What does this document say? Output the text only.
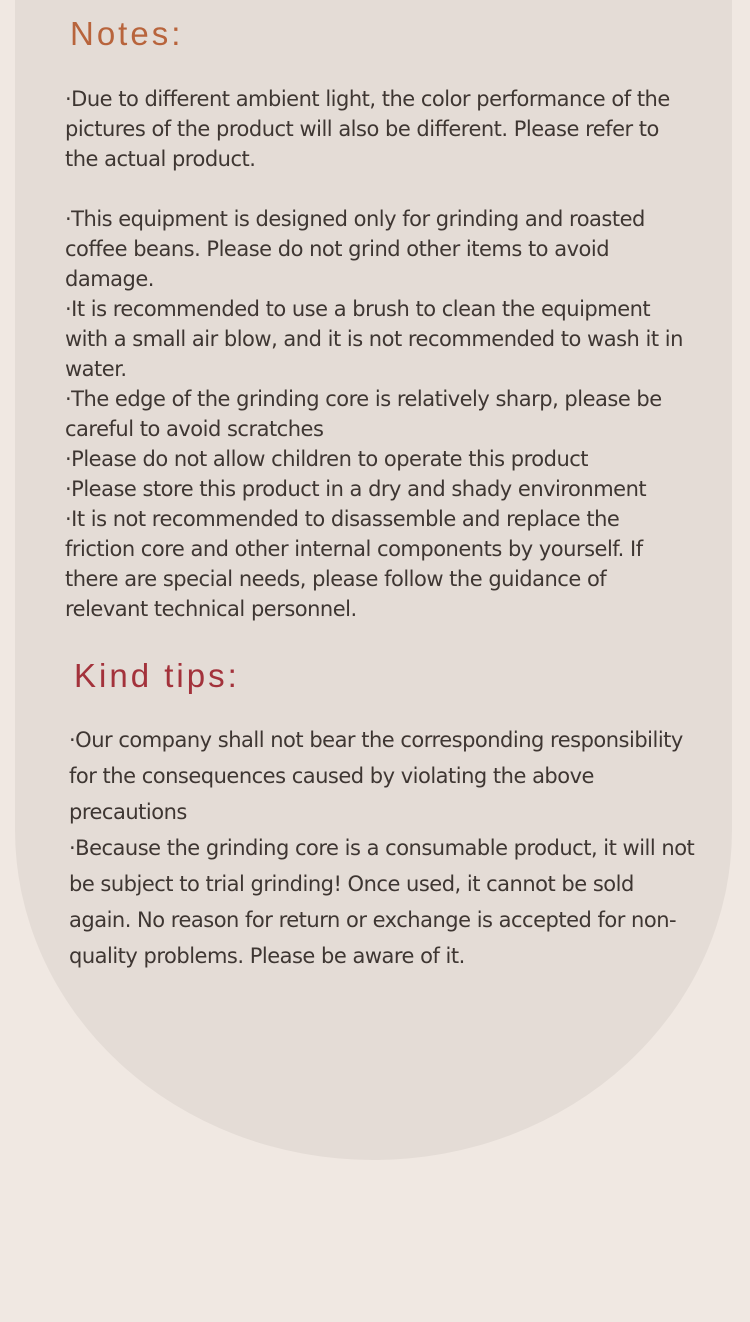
Notes:

·Due to different ambient light, the color performance of the pictures of the product will also be different. Please refer to the actual product.

·This equipment is designed only for grinding and roasted coffee beans. Please do not grind other items to avoid damage.

·It is recommended to use a brush to clean the equipment with a small air blow, and it is not recommended to wash it in water.

·The edge of the grinding core is relatively sharp, please be careful to avoid scratches

·Please do not allow children to operate this product

·Please store this product in a dry and shady environment

·It is not recommended to disassemble and replace the friction core and other internal components by yourself. If there are special needs, please follow the guidance of relevant technical personnel.

Kind tips:

·Our company shall not bear the corresponding responsibility for the consequences caused by violating the above precautions

·Because the grinding core is a consumable product, it will not be subject to trial grinding! Once used, it cannot be sold again. No reason for return or exchange is accepted for non-quality problems. Please be aware of it.
